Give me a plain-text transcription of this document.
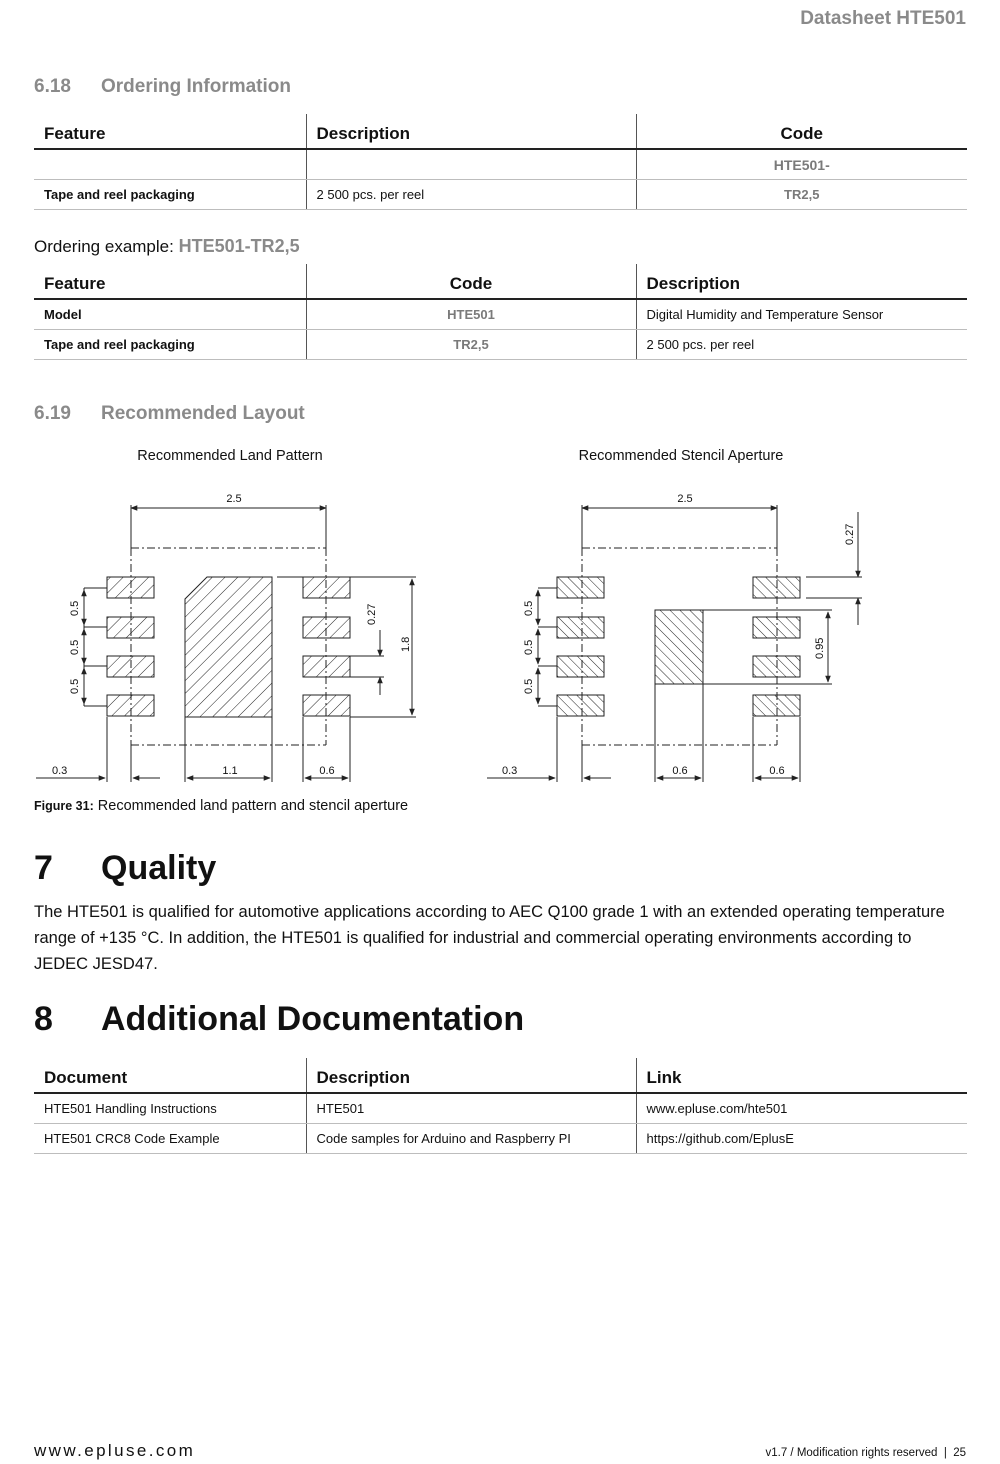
Datasheet HTE501
6.18 Ordering Information
Feature	Description	Code
		HTE501-
Tape and reel packaging	2 500 pcs. per reel	TR2,5
Ordering example: HTE501-TR2,5
Feature	Code	Description
Model	HTE501	Digital Humidity and Temperature Sensor
Tape and reel packaging	TR2,5	2 500 pcs. per reel
6.19 Recommended Layout
Recommended Land Pattern	Recommended Stencil Aperture
2.5
0.5
0.5
0.5
0.27
1.8
0.3	1.1	0.6
2.5
0.5
0.5
0.5
0.27
0.95
0.3	0.6	0.6
Figure 31: Recommended land pattern and stencil aperture
7 Quality
The HTE501 is qualified for automotive applications according to AEC Q100 grade 1 with an extended operating temperature range of +135 °C. In addition, the HTE501 is qualified for industrial and commercial operating environments according to JEDEC JESD47.
8 Additional Documentation
Document	Description	Link
HTE501 Handling Instructions	HTE501	www.epluse.com/hte501
HTE501 CRC8 Code Example	Code samples for Arduino and Raspberry PI	https://github.com/EplusE
www.epluse.com	v1.7 / Modification rights reserved  |  25
